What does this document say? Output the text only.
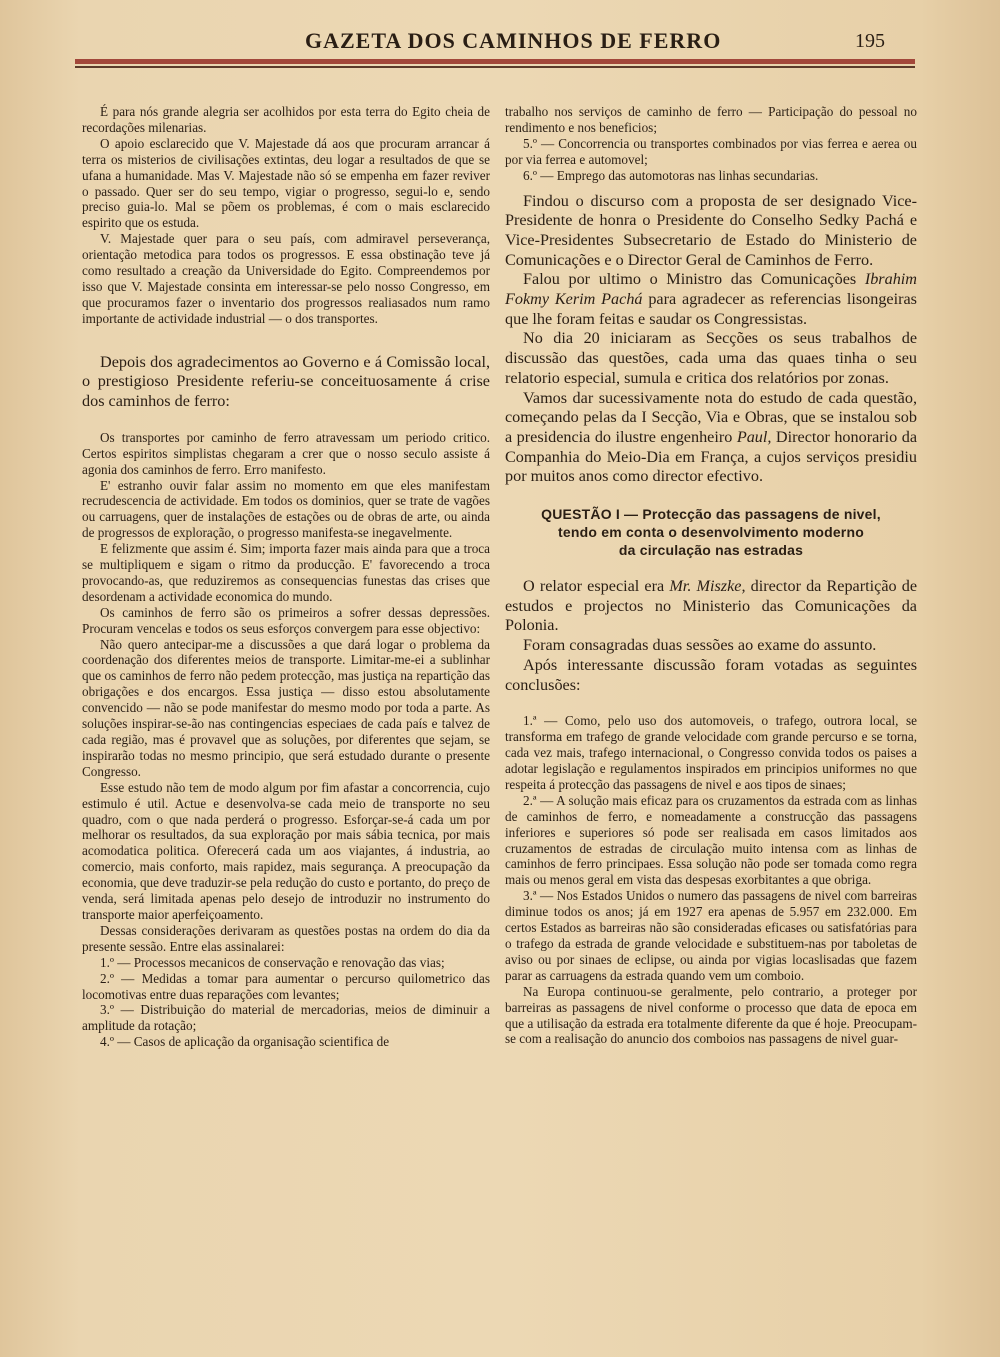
GAZETA DOS CAMINHOS DE FERRO	195

É para nós grande alegria ser acolhidos por esta terra do Egito cheia de recordações milenarias.

O apoio esclarecido que V. Majestade dá aos que procuram arrancar á terra os misterios de civilisações extintas, deu logar a resultados de que se ufana a humanidade. Mas V. Majestade não só se empenha em fazer reviver o passado. Quer ser do seu tempo, vigiar o progresso, segui-lo e, sendo preciso guia-lo. Mal se põem os problemas, é com o mais esclarecido espirito que os estuda.

V. Majestade quer para o seu país, com admiravel perseverança, orientação metodica para todos os progressos. E essa obstinação teve já como resultado a creação da Universidade do Egito. Compreendemos por isso que V. Majestade consinta em interessar-se pelo nosso Congresso, em que procuramos fazer o inventario dos progressos realiasados num ramo importante de actividade industrial — o dos transportes.

Depois dos agradecimentos ao Governo e á Comissão local, o prestigioso Presidente referiu-se conceituosamente á crise dos caminhos de ferro:

Os transportes por caminho de ferro atravessam um periodo critico. Certos espiritos simplistas chegaram a crer que o nosso seculo assiste á agonia dos caminhos de ferro. Erro manifesto.

E' estranho ouvir falar assim no momento em que eles manifestam recrudescencia de actividade. Em todos os dominios, quer se trate de vagões ou carruagens, quer de instalações de estações ou de obras de arte, ou ainda de progressos de exploração, o progresso manifesta-se inegavelmente.

E felizmente que assim é. Sim; importa fazer mais ainda para que a troca se multipliquem e sigam o ritmo da producção. E' favorecendo a troca provocando-as, que reduziremos as consequencias funestas das crises que desordenam a actividade economica do mundo.

Os caminhos de ferro são os primeiros a sofrer dessas depressões. Procuram vencelas e todos os seus esforços convergem para esse objectivo:

Não quero antecipar-me a discussões a que dará logar o problema da coordenação dos diferentes meios de transporte. Limitar-me-ei a sublinhar que os caminhos de ferro não pedem protecção, mas justiça na repartição das obrigações e dos encargos. Essa justiça — disso estou absolutamente convencido — não se pode manifestar do mesmo modo por toda a parte. As soluções inspirar-se-ão nas contingencias especiaes de cada país e talvez de cada região, mas é provavel que as soluções, por diferentes que sejam, se inspirarão todas no mesmo principio, que será estudado durante o presente Congresso.

Esse estudo não tem de modo algum por fim afastar a concorrencia, cujo estimulo é util. Actue e desenvolva-se cada meio de transporte no seu quadro, com o que nada perderá o progresso. Esforçar-se-á cada um por melhorar os resultados, da sua exploração por mais sábia tecnica, por mais acomodatica politica. Oferecerá cada um aos viajantes, á industria, ao comercio, mais conforto, mais rapidez, mais segurança. A preocupação da economia, que deve traduzir-se pela redução do custo e portanto, do preço de venda, será limitada apenas pelo desejo de introduzir no instrumento do transporte maior aperfeiçoamento.

Dessas considerações derivaram as questões postas na ordem do dia da presente sessão. Entre elas assinalarei:

1.º — Processos mecanicos de conservação e renovação das vias;

2.º — Medidas a tomar para aumentar o percurso quilometrico das locomotivas entre duas reparações com levantes;

3.º — Distribuição do material de mercadorias, meios de diminuir a amplitude da rotação;

4.º — Casos de aplicação da organisação scientifica de

trabalho nos serviços de caminho de ferro — Participação do pessoal no rendimento e nos beneficios;

5.º — Concorrencia ou transportes combinados por vias ferrea e aerea ou por via ferrea e automovel;

6.º — Emprego das automotoras nas linhas secundarias.

Findou o discurso com a proposta de ser designado Vice-Presidente de honra o Presidente do Conselho Sedky Pachá e Vice-Presidentes Subsecretario de Estado do Ministerio de Comunicações e o Director Geral de Caminhos de Ferro.

Falou por ultimo o Ministro das Comunicações Ibrahim Fokmy Kerim Pachá para agradecer as referencias lisongeiras que lhe foram feitas e saudar os Congressistas.

No dia 20 iniciaram as Secções os seus trabalhos de discussão das questões, cada uma das quaes tinha o seu relatorio especial, sumula e critica dos relatórios por zonas.

Vamos dar sucessivamente nota do estudo de cada questão, começando pelas da I Secção, Via e Obras, que se instalou sob a presidencia do ilustre engenheiro Paul, Director honorario da Companhia do Meio-Dia em França, a cujos serviços presidiu por muitos anos como director efectivo.

QUESTÃO I — Protecção das passagens de nivel,
tendo em conta o desenvolvimento moderno
da circulação nas estradas

O relator especial era Mr. Miszke, director da Repartição de estudos e projectos no Ministerio das Comunicações da Polonia.

Foram consagradas duas sessões ao exame do assunto.

Após interessante discussão foram votadas as seguintes conclusões:

1.ª — Como, pelo uso dos automoveis, o trafego, outrora local, se transforma em trafego de grande velocidade com grande percurso e se torna, cada vez mais, trafego internacional, o Congresso convida todos os paises a adotar legislação e regulamentos inspirados em principios uniformes no que respeita á protecção das passagens de nivel e aos tipos de sinaes;

2.ª — A solução mais eficaz para os cruzamentos da estrada com as linhas de caminhos de ferro, e nomeadamente a construcção das passagens inferiores e superiores só pode ser realisada em casos limitados aos cruzamentos de estradas de circulação muito intensa com as linhas de caminhos de ferro principaes. Essa solução não pode ser tomada como regra mais ou menos geral em vista das despesas exorbitantes a que obriga.

3.ª — Nos Estados Unidos o numero das passagens de nivel com barreiras diminue todos os anos; já em 1927 era apenas de 5.957 em 232.000. Em certos Estados as barreiras não são consideradas eficases ou satisfatórias para o trafego da estrada de grande velocidade e substituem-nas por taboletas de aviso ou por sinaes de eclipse, ou ainda por vigias locaslisadas que fazem parar as carruagens da estrada quando vem um comboio.

Na Europa continuou-se geralmente, pelo contrario, a proteger por barreiras as passagens de nivel conforme o processo que data de epoca em que a utilisação da estrada era totalmente diferente da que é hoje. Preocupam-se com a realisação do anuncio dos comboios nas passagens de nivel guar-
